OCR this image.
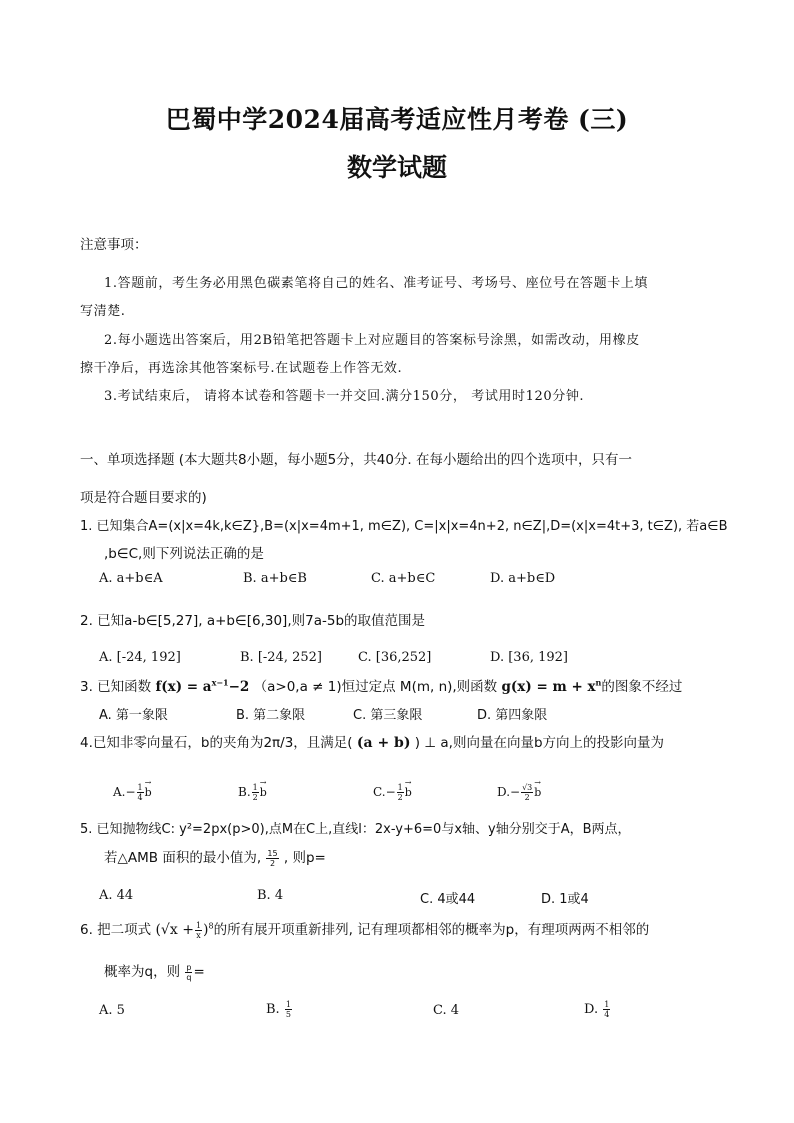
巴蜀中学2024届高考适应性月考卷 (三)
数学试题
注意事项：
1.答题前，考生务必用黑色碳素笔将自己的姓名、准考证号、考场号、座位号在答题卡上填
写清楚.
2.每小题选出答案后，用2B铅笔把答题卡上对应题目的答案标号涂黑，如需改动，用橡皮
擦干净后，再选涂其他答案标号.在试题卷上作答无效.
3.考试结束后， 请将本试卷和答题卡一并交回.满分150分， 考试用时120分钟.
一、单项选择题 (本大题共8小题，每小题5分，共40分. 在每小题给出的四个选项中，只有一
项是符合题目要求的)
1. 已知集合A=(x|x=4k,k∈Z},B=(x|x=4m+1, m∈Z), C=|x|x=4n+2, n∈Z|,D=(x|x=4t+3, t∈Z), 若a∈B
,b∈C,则下列说法正确的是
A. a+b∈A	B. a+b∈B	C. a+b∈C	D. a+b∈D
2. 已知a-b∈[5,27], a+b∈[6,30],则7a-5b的取值范围是
A. [-24, 192]	B. [-24, 252]	C. [36,252]	D. [36, 192]
3. 已知函数 $f(x) = a^{x-1}-2$ （a>0,a ≠ 1)恒过定点 M(m, n),则函数 $g(x) = m + x^n$的图象不经过
A. 第一象限	B. 第二象限	C. 第三象限	D. 第四象限
4.已知非零向量石，b的夹角为2π/3，且满足( (a + b) ) ⊥ a,则向量在向量b方向上的投影向量为
$A.- \frac{1}{4}$
→ b	B. $\frac{1}{2}$
→ b	$C.- \frac{1}{2}$
→ b	$D.- \frac{√3}{2}$
→ b
5. 已知抛物线C: y²=2px(p>0),点M在C上,直线l：2x-y+6=0与x轴、y轴分别交于A，B两点，
若△AMB 面积的最小值为, $\frac{15}{2}$ , 则p=
A. 44	B. 4	C. 4或44	D. 1或4
6. 把二项式 $(√x + \frac{1}{x} )^8$的所有展开项重新排列, 记有理项都相邻的概率为p，有理项两两不相邻的
概率为q，则 $\frac{p}{q}$ =
A. 5	B. $\frac{1}{5}$	C. 4	D. $\frac{1}{4}$
